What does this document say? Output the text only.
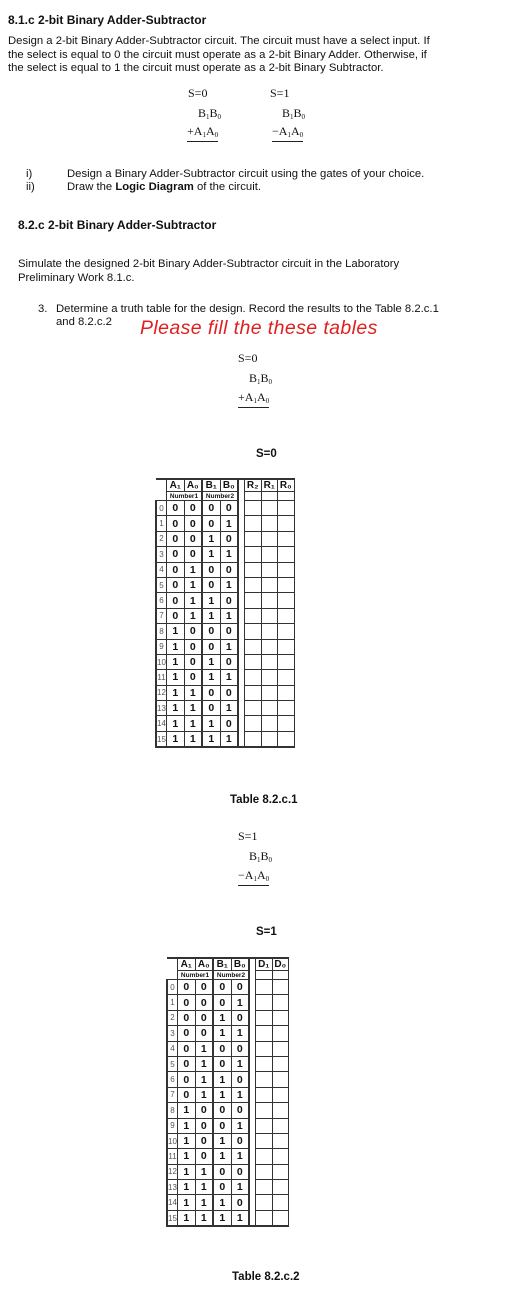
8.1.c 2-bit Binary Adder-Subtractor
Design a 2-bit Binary Adder-Subtractor circuit. The circuit must have a select input. If
the select is equal to 0 the circuit must operate as a 2-bit Binary Adder. Otherwise, if
the select is equal to 1 the circuit must operate as a 2-bit Binary Subtractor.
S=0
$B_1B_0$
$+A_1A_0$
S=1
$B_1B_0$
$-A_1A_0$
i)	Design a Binary Adder-Subtractor circuit using the gates of your choice.
ii)	Draw the Logic Diagram of the circuit.
8.2.c 2-bit Binary Adder-Subtractor
Simulate the designed 2-bit Binary Adder-Subtractor circuit in the Laboratory
Preliminary Work 8.1.c.
3. Determine a truth table for the design. Record the results to the Table 8.2.c.1
and 8.2.c.2 Please fill the these tables
S=0
$B_1B_0$
$+A_1A_0$
S=0
	A₁	A₀	B₁	B₀		R₂	R₁	R₀
	Number1		Number2					
0	0	0	0	0				
1	0	0	0	1				
2	0	0	1	0				
3	0	0	1	1				
4	0	1	0	0				
5	0	1	0	1				
6	0	1	1	0				
7	0	1	1	1				
8	1	0	0	0				
9	1	0	0	1				
10	1	0	1	0				
11	1	0	1	1				
12	1	1	0	0				
13	1	1	0	1				
14	1	1	1	0				
15	1	1	1	1				
Table 8.2.c.1
S=1
$B_1B_0$
$-A_1A_0$
S=1
	A₁	A₀	B₁	B₀		D₁	D₀
	Number1		Number2				
0	0	0	0	0			
1	0	0	0	1			
2	0	0	1	0			
3	0	0	1	1			
4	0	1	0	0			
5	0	1	0	1			
6	0	1	1	0			
7	0	1	1	1			
8	1	0	0	0			
9	1	0	0	1			
10	1	0	1	0			
11	1	0	1	1			
12	1	1	0	0			
13	1	1	0	1			
14	1	1	1	0			
15	1	1	1	1			
Table 8.2.c.2
